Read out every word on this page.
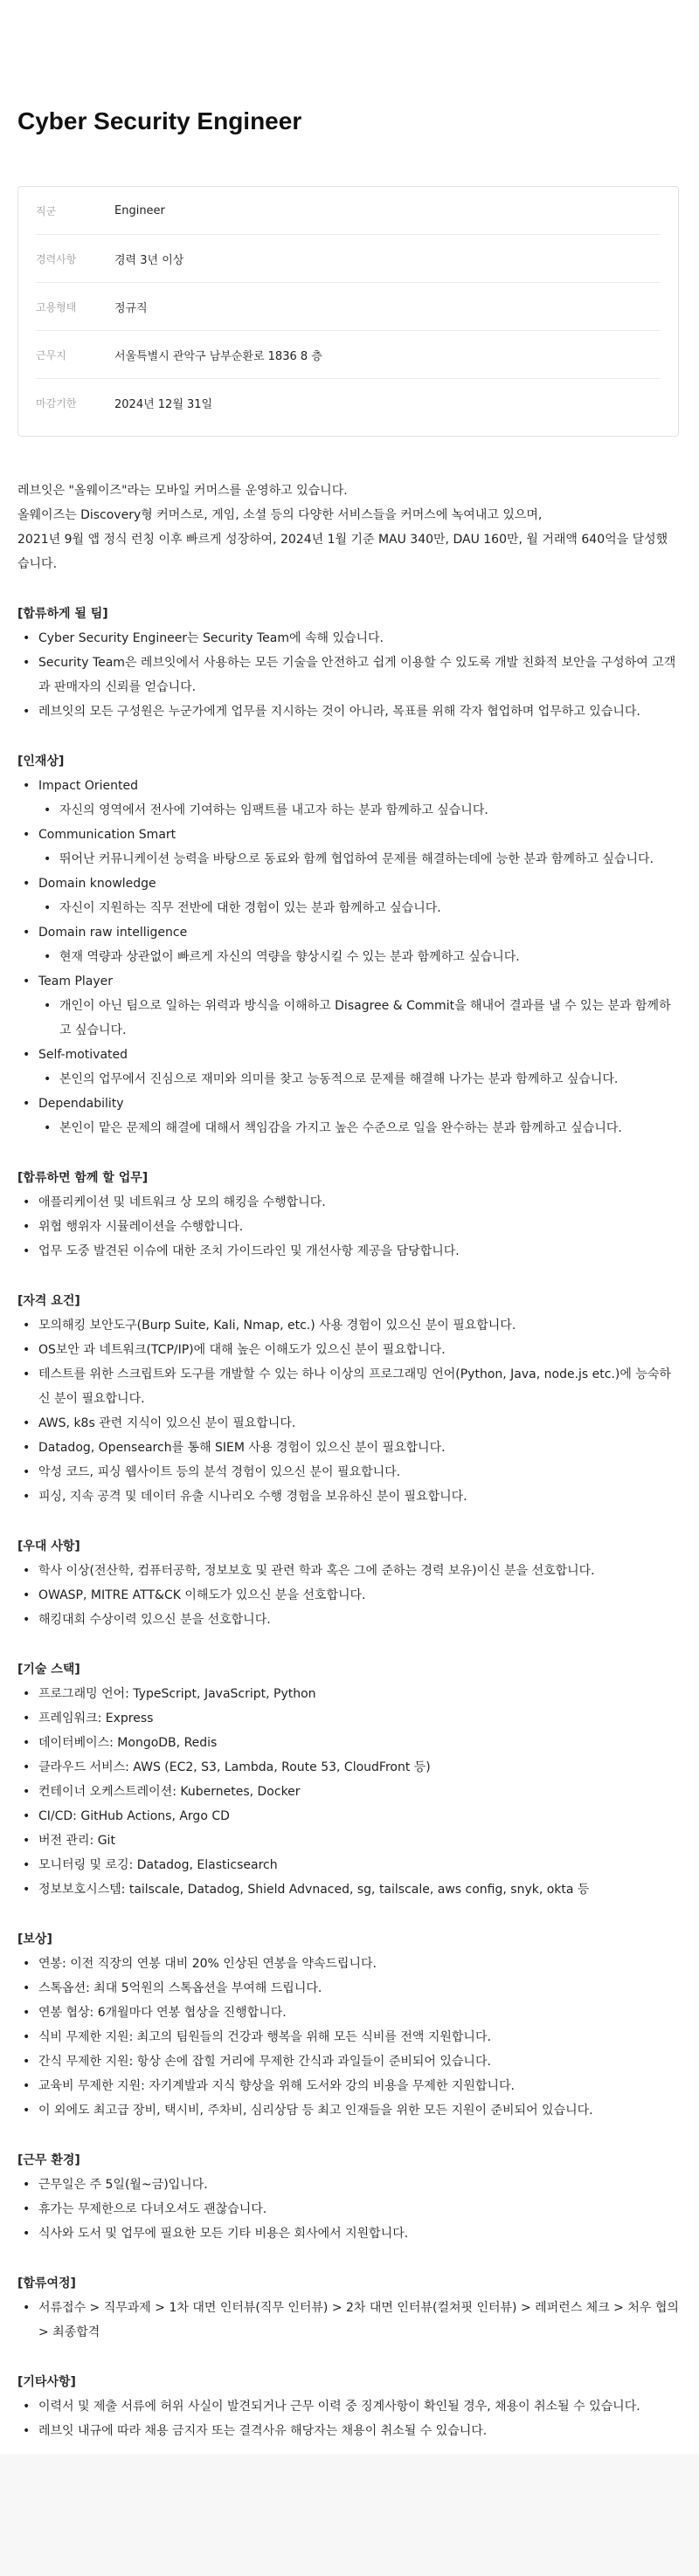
Cyber Security Engineer
직군	Engineer
경력사항	경력 3년 이상
고용형태	정규직
근무지	서울특별시 관악구 남부순환로 1836 8 층
마감기한	2024년 12월 31일

레브잇은 "올웨이즈"라는 모바일 커머스를 운영하고 있습니다.

올웨이즈는 Discovery형 커머스로, 게임, 소셜 등의 다양한 서비스들을 커머스에 녹여내고 있으며,

2021년 9월 앱 정식 런칭 이후 빠르게 성장하여, 2024년 1월 기준 MAU 340만, DAU 160만, 월 거래액 640억을 달성했습니다.

[합류하게 될 팀]
• Cyber Security Engineer는 Security Team에 속해 있습니다.
• Security Team은 레브잇에서 사용하는 모든 기술을 안전하고 쉽게 이용할 수 있도록 개발 친화적 보안을 구성하여 고객과 판매자의 신뢰를 얻습니다.
• 레브잇의 모든 구성원은 누군가에게 업무를 지시하는 것이 아니라, 목표를 위해 각자 협업하며 업무하고 있습니다.
[인재상]
• Impact Oriented
• 자신의 영역에서 전사에 기여하는 임팩트를 내고자 하는 분과 함께하고 싶습니다.
• Communication Smart
• 뛰어난 커뮤니케이션 능력을 바탕으로 동료와 함께 협업하여 문제를 해결하는데에 능한 분과 함께하고 싶습니다.
• Domain knowledge
• 자신이 지원하는 직무 전반에 대한 경험이 있는 분과 함께하고 싶습니다.
• Domain raw intelligence
• 현재 역량과 상관없이 빠르게 자신의 역량을 향상시킬 수 있는 분과 함께하고 싶습니다.
• Team Player
• 개인이 아닌 팀으로 일하는 위력과 방식을 이해하고 Disagree & Commit을 해내어 결과를 낼 수 있는 분과 함께하고 싶습니다.
• Self-motivated
• 본인의 업무에서 진심으로 재미와 의미를 찾고 능동적으로 문제를 해결해 나가는 분과 함께하고 싶습니다.
• Dependability
• 본인이 맡은 문제의 해결에 대해서 책임감을 가지고 높은 수준으로 일을 완수하는 분과 함께하고 싶습니다.
[합류하면 함께 할 업무]
• 애플리케이션 및 네트워크 상 모의 해킹을 수행합니다.
• 위협 행위자 시뮬레이션을 수행합니다.
• 업무 도중 발견된 이슈에 대한 조치 가이드라인 및 개선사항 제공을 담당합니다.
[자격 요건]
• 모의해킹 보안도구(Burp Suite, Kali, Nmap, etc.) 사용 경험이 있으신 분이 필요합니다.
• OS보안 과 네트워크(TCP/IP)에 대해 높은 이해도가 있으신 분이 필요합니다.
• 테스트를 위한 스크립트와 도구를 개발할 수 있는 하나 이상의 프로그래밍 언어(Python, Java, node.js etc.)에 능숙하신 분이 필요합니다.
• AWS, k8s 관련 지식이 있으신 분이 필요합니다.
• Datadog, Opensearch를 통해 SIEM 사용 경험이 있으신 분이 필요합니다.
• 악성 코드, 피싱 웹사이트 등의 분석 경험이 있으신 분이 필요합니다.
• 피싱, 지속 공격 및 데이터 유출 시나리오 수행 경험을 보유하신 분이 필요합니다.
[우대 사항]
• 학사 이상(전산학, 컴퓨터공학, 정보보호 및 관련 학과 혹은 그에 준하는 경력 보유)이신 분을 선호합니다.
• OWASP, MITRE ATT&CK 이해도가 있으신 분을 선호합니다.
• 해킹대회 수상이력 있으신 분을 선호합니다.
[기술 스택]
• 프로그래밍 언어: TypeScript, JavaScript, Python
• 프레임워크: Express
• 데이터베이스: MongoDB, Redis
• 클라우드 서비스: AWS (EC2, S3, Lambda, Route 53, CloudFront 등)
• 컨테이너 오케스트레이션: Kubernetes, Docker
• CI/CD: GitHub Actions, Argo CD
• 버전 관리: Git
• 모니터링 및 로깅: Datadog, Elasticsearch
• 정보보호시스템: tailscale, Datadog, Shield Advnaced, sg, tailscale, aws config, snyk, okta 등
[보상]
• 연봉: 이전 직장의 연봉 대비 20% 인상된 연봉을 약속드립니다.
• 스톡옵션: 최대 5억원의 스톡옵션을 부여해 드립니다.
• 연봉 협상: 6개월마다 연봉 협상을 진행합니다.
• 식비 무제한 지원: 최고의 팀원들의 건강과 행복을 위해 모든 식비를 전액 지원합니다.
• 간식 무제한 지원: 항상 손에 잡힐 거리에 무제한 간식과 과일들이 준비되어 있습니다.
• 교육비 무제한 지원: 자기계발과 지식 향상을 위해 도서와 강의 비용을 무제한 지원합니다.
• 이 외에도 최고급 장비, 택시비, 주차비, 심리상담 등 최고 인재들을 위한 모든 지원이 준비되어 있습니다.
[근무 환경]
• 근무일은 주 5일(월~금)입니다.
• 휴가는 무제한으로 다녀오셔도 괜찮습니다.
• 식사와 도서 및 업무에 필요한 모든 기타 비용은 회사에서 지원합니다.
[합류여정]
• 서류접수 > 직무과제 > 1차 대면 인터뷰(직무 인터뷰) > 2차 대면 인터뷰(컬쳐핏 인터뷰) > 레퍼런스 체크 > 처우 협의 > 최종합격
[기타사항]
• 이력서 및 제출 서류에 허위 사실이 발견되거나 근무 이력 중 징계사항이 확인될 경우, 채용이 취소될 수 있습니다.
• 레브잇 내규에 따라 채용 금지자 또는 결격사유 해당자는 채용이 취소될 수 있습니다.
